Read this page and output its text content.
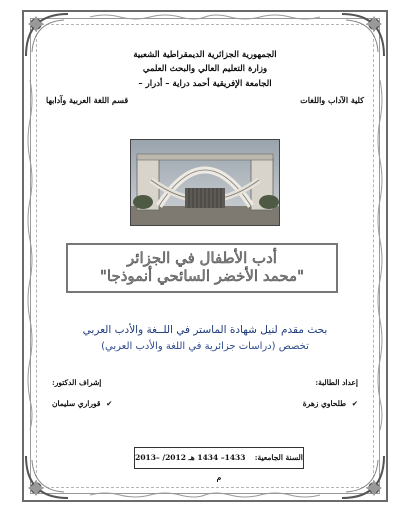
الجمهورية الجزائرية الديمقراطية الشعبية
وزارة التعليم العالي والبحث العلمي
الجامعة الإفريقية أحمد دراية – أدرار –
كلية الآداب واللغات
قسم اللغة العربية وآدابها
أدب الأطفال في الجزائر
"محمد الأخضر السائحي أنموذجا"
بحث مقدم لنيل شهادة الماستر في اللــغة والأدب العربي
تخصص (دراسات جزائرية في اللغة والأدب العربي)
إعداد الطالبة:
إشراف الدكتور:
✔ طلحاوي زهرة
✔ قوراري سليمان
السنة الجامعية:  1433– 1434 هـ 2012/ –2013 م
